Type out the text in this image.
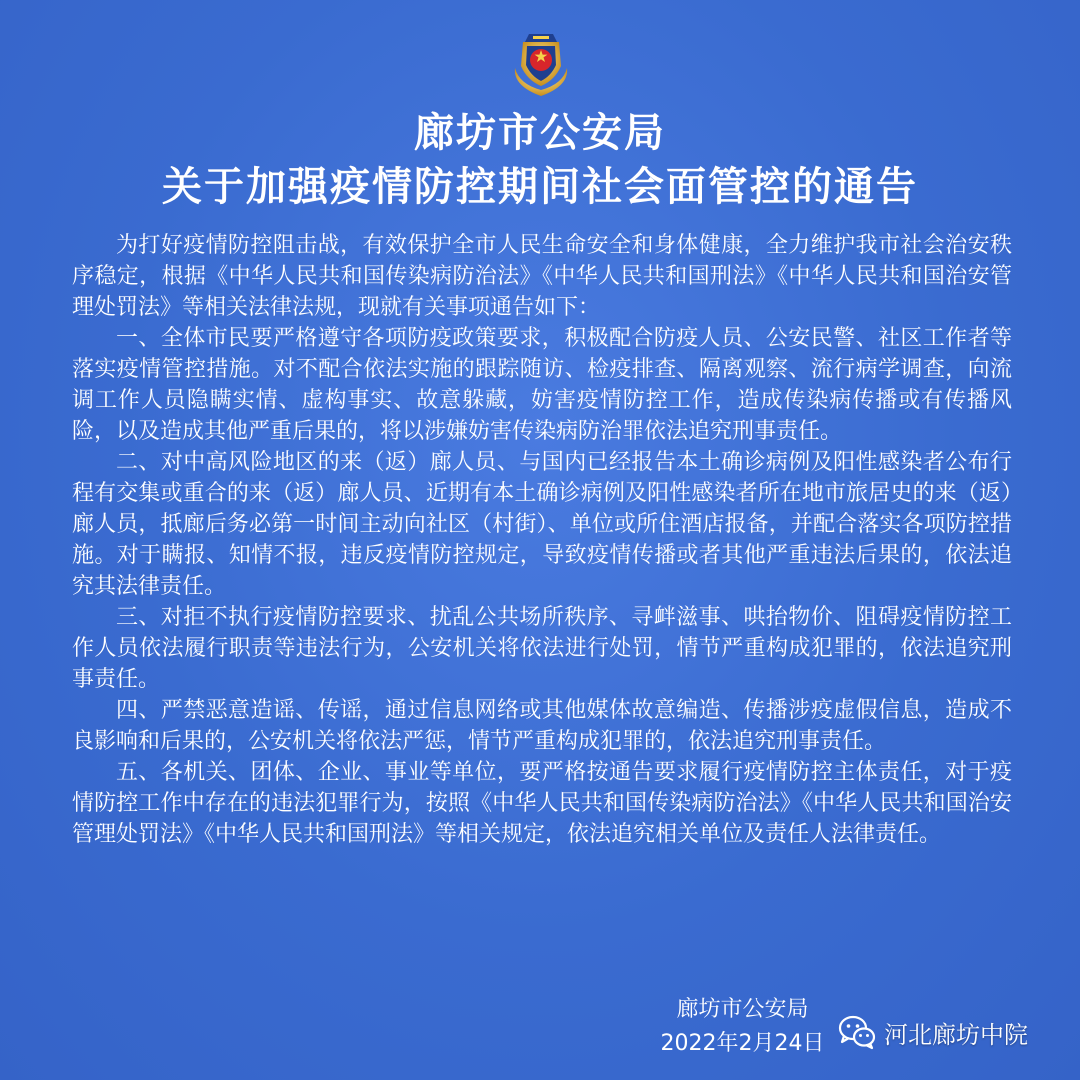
廊坊市公安局
关于加强疫情防控期间社会面管控的通告

为打好疫情防控阻击战，有效保护全市人民生命安全和身体健康，全力维护我市社会治安秩序稳定，根据《中华人民共和国传染病防治法》《中华人民共和国刑法》《中华人民共和国治安管理处罚法》等相关法律法规，现就有关事项通告如下：

一、全体市民要严格遵守各项防疫政策要求，积极配合防疫人员、公安民警、社区工作者等落实疫情管控措施。对不配合依法实施的跟踪随访、检疫排查、隔离观察、流行病学调查，向流调工作人员隐瞒实情、虚构事实、故意躲藏，妨害疫情防控工作，造成传染病传播或有传播风险，以及造成其他严重后果的，将以涉嫌妨害传染病防治罪依法追究刑事责任。

二、对中高风险地区的来（返）廊人员、与国内已经报告本土确诊病例及阳性感染者公布行程有交集或重合的来（返）廊人员、近期有本土确诊病例及阳性感染者所在地市旅居史的来（返）廊人员，抵廊后务必第一时间主动向社区（村街）、单位或所住酒店报备，并配合落实各项防控措施。对于瞒报、知情不报，违反疫情防控规定，导致疫情传播或者其他严重违法后果的，依法追究其法律责任。

三、对拒不执行疫情防控要求、扰乱公共场所秩序、寻衅滋事、哄抬物价、阻碍疫情防控工作人员依法履行职责等违法行为，公安机关将依法进行处罚，情节严重构成犯罪的，依法追究刑事责任。

四、严禁恶意造谣、传谣，通过信息网络或其他媒体故意编造、传播涉疫虚假信息，造成不良影响和后果的，公安机关将依法严惩，情节严重构成犯罪的，依法追究刑事责任。

五、各机关、团体、企业、事业等单位，要严格按通告要求履行疫情防控主体责任，对于疫情防控工作中存在的违法犯罪行为，按照《中华人民共和国传染病防治法》《中华人民共和国治安管理处罚法》《中华人民共和国刑法》等相关规定，依法追究相关单位及责任人法律责任。

廊坊市公安局
2022年2月24日	河北廊坊中院
